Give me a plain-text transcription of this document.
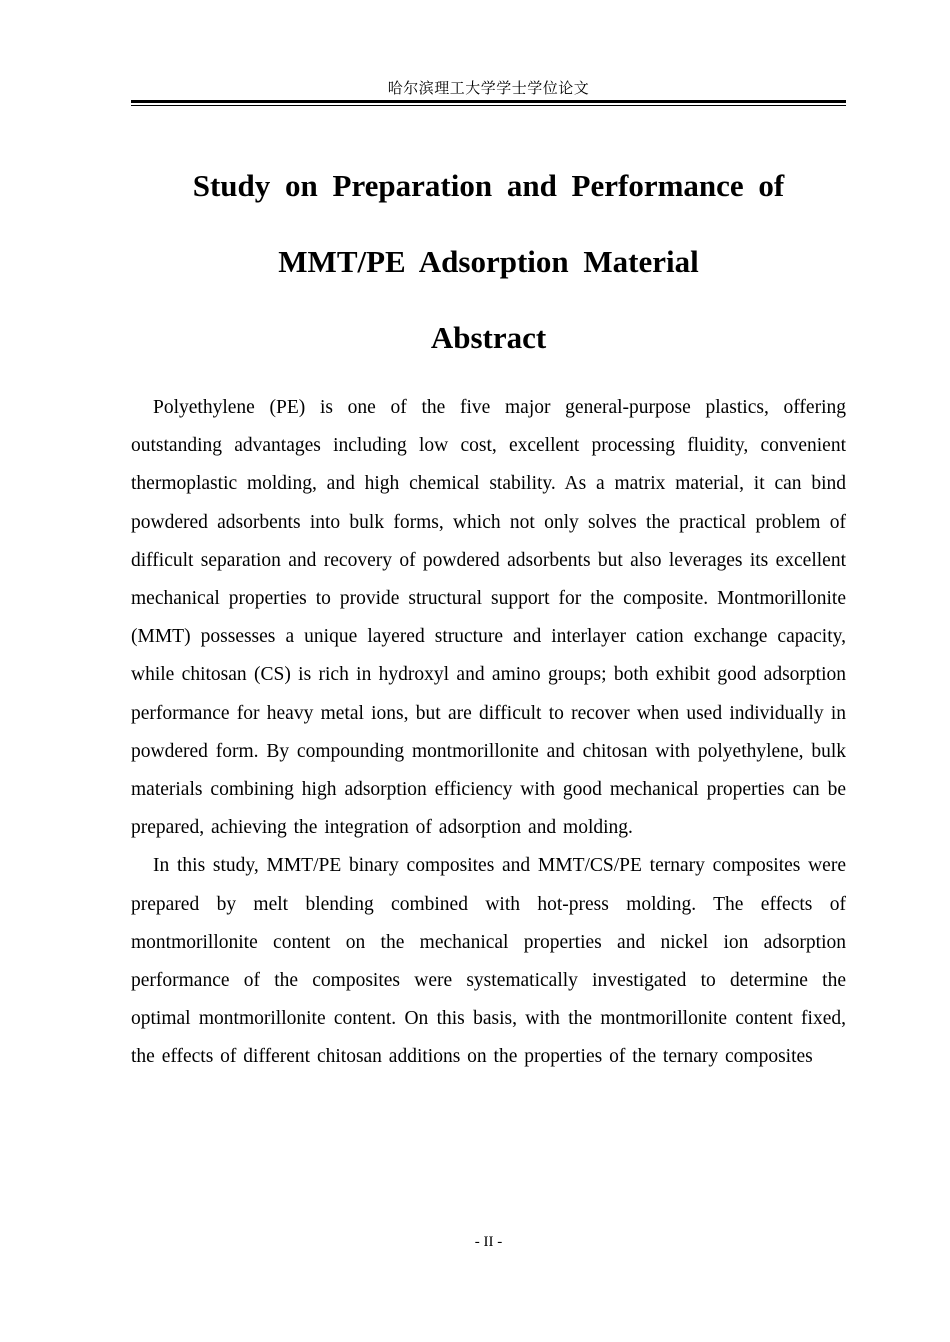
哈尔滨理工大学学士学位论文
Study on Preparation and Performance of
MMT/PE Adsorption Material
Abstract

Polyethylene (PE) is one of the five major general-purpose plastics, offering outstanding advantages including low cost, excellent processing fluidity, convenient thermoplastic molding, and high chemical stability. As a matrix material, it can bind powdered adsorbents into bulk forms, which not only solves the practical problem of difficult separation and recovery of powdered adsorbents but also leverages its excellent mechanical properties to provide structural support for the composite. Montmorillonite (MMT) possesses a unique layered structure and interlayer cation exchange capacity, while chitosan (CS) is rich in hydroxyl and amino groups; both exhibit good adsorption performance for heavy metal ions, but are difficult to recover when used individually in powdered form. By compounding montmorillonite and chitosan with polyethylene, bulk materials combining high adsorption efficiency with good mechanical properties can be prepared, achieving the integration of adsorption and molding.

In this study, MMT/PE binary composites and MMT/CS/PE ternary composites were prepared by melt blending combined with hot-press molding. The effects of montmorillonite content on the mechanical properties and nickel ion adsorption performance of the composites were systematically investigated to determine the optimal montmorillonite content. On this basis, with the montmorillonite content fixed, the effects of different chitosan additions on the properties of the ternary composites

- II -
